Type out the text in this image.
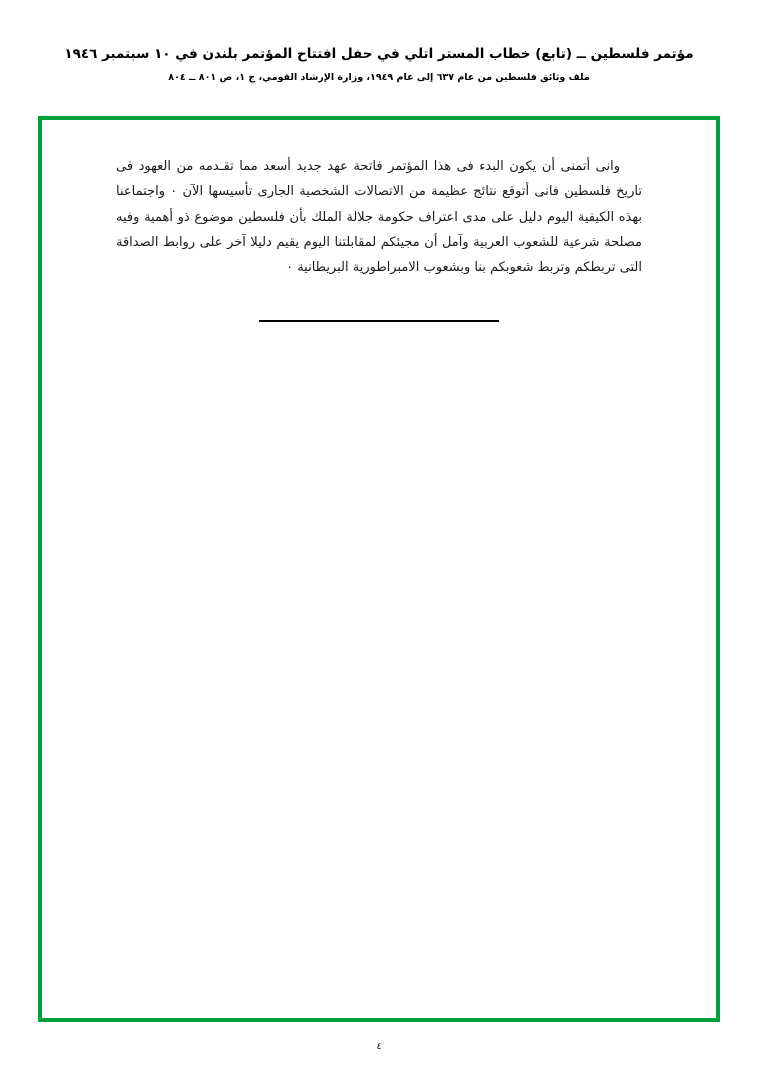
مؤتمر فلسطين ــ (تابع) خطاب المستر اتلي في حفل افتتاح المؤتمر بلندن في ١٠ سبتمبر ١٩٤٦
ملف وثائق فلسطين من عام ٦٣٧ إلى عام ١٩٤٩، وزارة الإرشاد القومي، ج ١، ص ٨٠١ ــ ٨٠٤

وانى أتمنى أن يكون البدء فى هذا المؤتمر فاتحة عهد جديد أسعد مما تقـدمه من العهود فى تاريخ فلسطين فانى أتوقع نتائج عظيمة من الاتصالات الشخصية الجارى تأسيسها الآن ٠ واجتماعنا بهذه الكيفية اليوم دليل على مدى اعتراف حكومة جلالة الملك بأن فلسطين موضوع ذو أهمية وفيه مصلحة شرعية للشعوب العربية وآمل أن مجيئكم لمقابلتنا اليوم يقيم دليلا آخر على روابط الصداقة التى تربطكم وتربط شعوبكم بنا وبشعوب الامبراطورية البريطانية ٠

٤
